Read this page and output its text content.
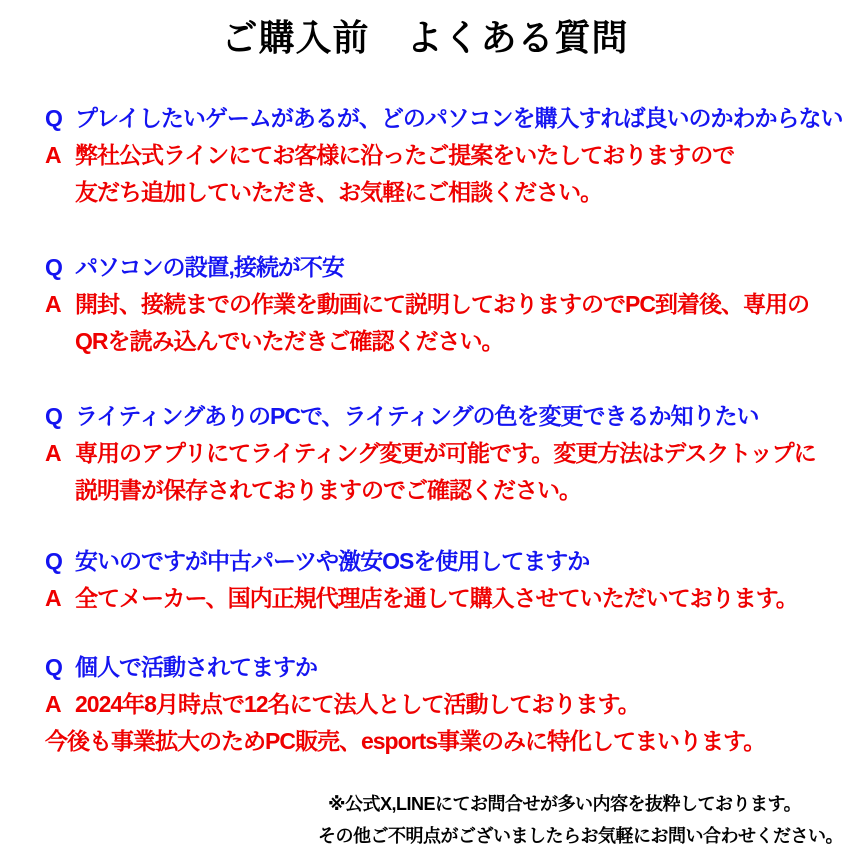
ご購入前　よくある質問
Q プレイしたいゲームがあるが、どのパソコンを購入すれば良いのかわからない
A 弊社公式ラインにてお客様に沿ったご提案をいたしておりますので
友だち追加していただき、お気軽にご相談ください。
Q パソコンの設置,接続が不安
A 開封、接続までの作業を動画にて説明しておりますのでPC到着後、専用の
QRを読み込んでいただきご確認ください。
Q ライティングありのPCで、ライティングの色を変更できるか知りたい
A 専用のアプリにてライティング変更が可能です。変更方法はデスクトップに
説明書が保存されておりますのでご確認ください。
Q 安いのですが中古パーツや激安OSを使用してますか
A 全てメーカー、国内正規代理店を通して購入させていただいております。
Q 個人で活動されてますか
A 2024年8月時点で12名にて法人として活動しております。
今後も事業拡大のためPC販売、esports事業のみに特化してまいります。
※公式X,LINEにてお問合せが多い内容を抜粋しております。
その他ご不明点がございましたらお気軽にお問い合わせください。
